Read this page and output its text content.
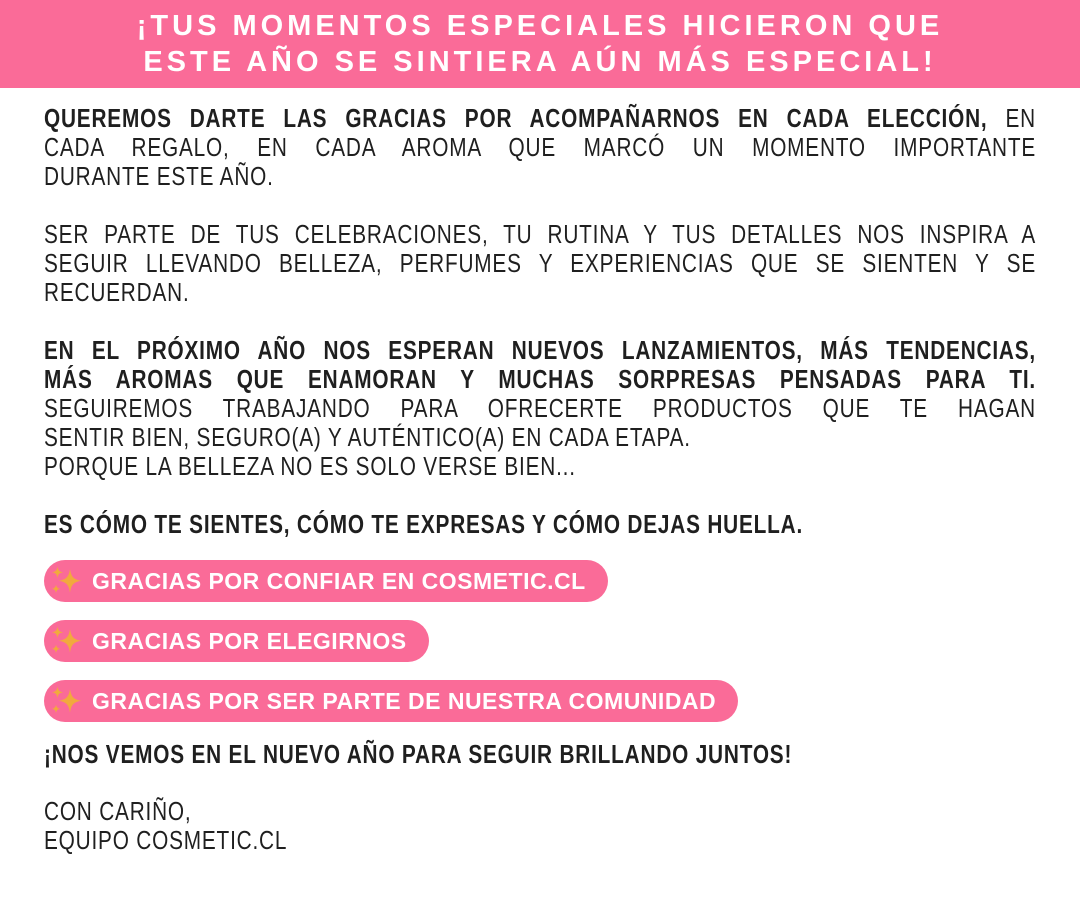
¡TUS MOMENTOS ESPECIALES HICIERON QUE
ESTE AÑO SE SINTIERA AÚN MÁS ESPECIAL!
QUEREMOS DARTE LAS GRACIAS POR ACOMPAÑARNOS EN CADA ELECCIÓN, EN
CADA REGALO, EN CADA AROMA QUE MARCÓ UN MOMENTO IMPORTANTE
DURANTE ESTE AÑO.
SER PARTE DE TUS CELEBRACIONES, TU RUTINA Y TUS DETALLES NOS INSPIRA A
SEGUIR LLEVANDO BELLEZA, PERFUMES Y EXPERIENCIAS QUE SE SIENTEN Y SE
RECUERDAN.
EN EL PRÓXIMO AÑO NOS ESPERAN NUEVOS LANZAMIENTOS, MÁS TENDENCIAS,
MÁS AROMAS QUE ENAMORAN Y MUCHAS SORPRESAS PENSADAS PARA TI.
SEGUIREMOS TRABAJANDO PARA OFRECERTE PRODUCTOS QUE TE HAGAN
SENTIR BIEN, SEGURO(A) Y AUTÉNTICO(A) EN CADA ETAPA.
PORQUE LA BELLEZA NO ES SOLO VERSE BIEN...
ES CÓMO TE SIENTES, CÓMO TE EXPRESAS Y CÓMO DEJAS HUELLA.
GRACIAS POR CONFIAR EN COSMETIC.CL
GRACIAS POR ELEGIRNOS
GRACIAS POR SER PARTE DE NUESTRA COMUNIDAD
¡NOS VEMOS EN EL NUEVO AÑO PARA SEGUIR BRILLANDO JUNTOS!
CON CARIÑO,
EQUIPO COSMETIC.CL
